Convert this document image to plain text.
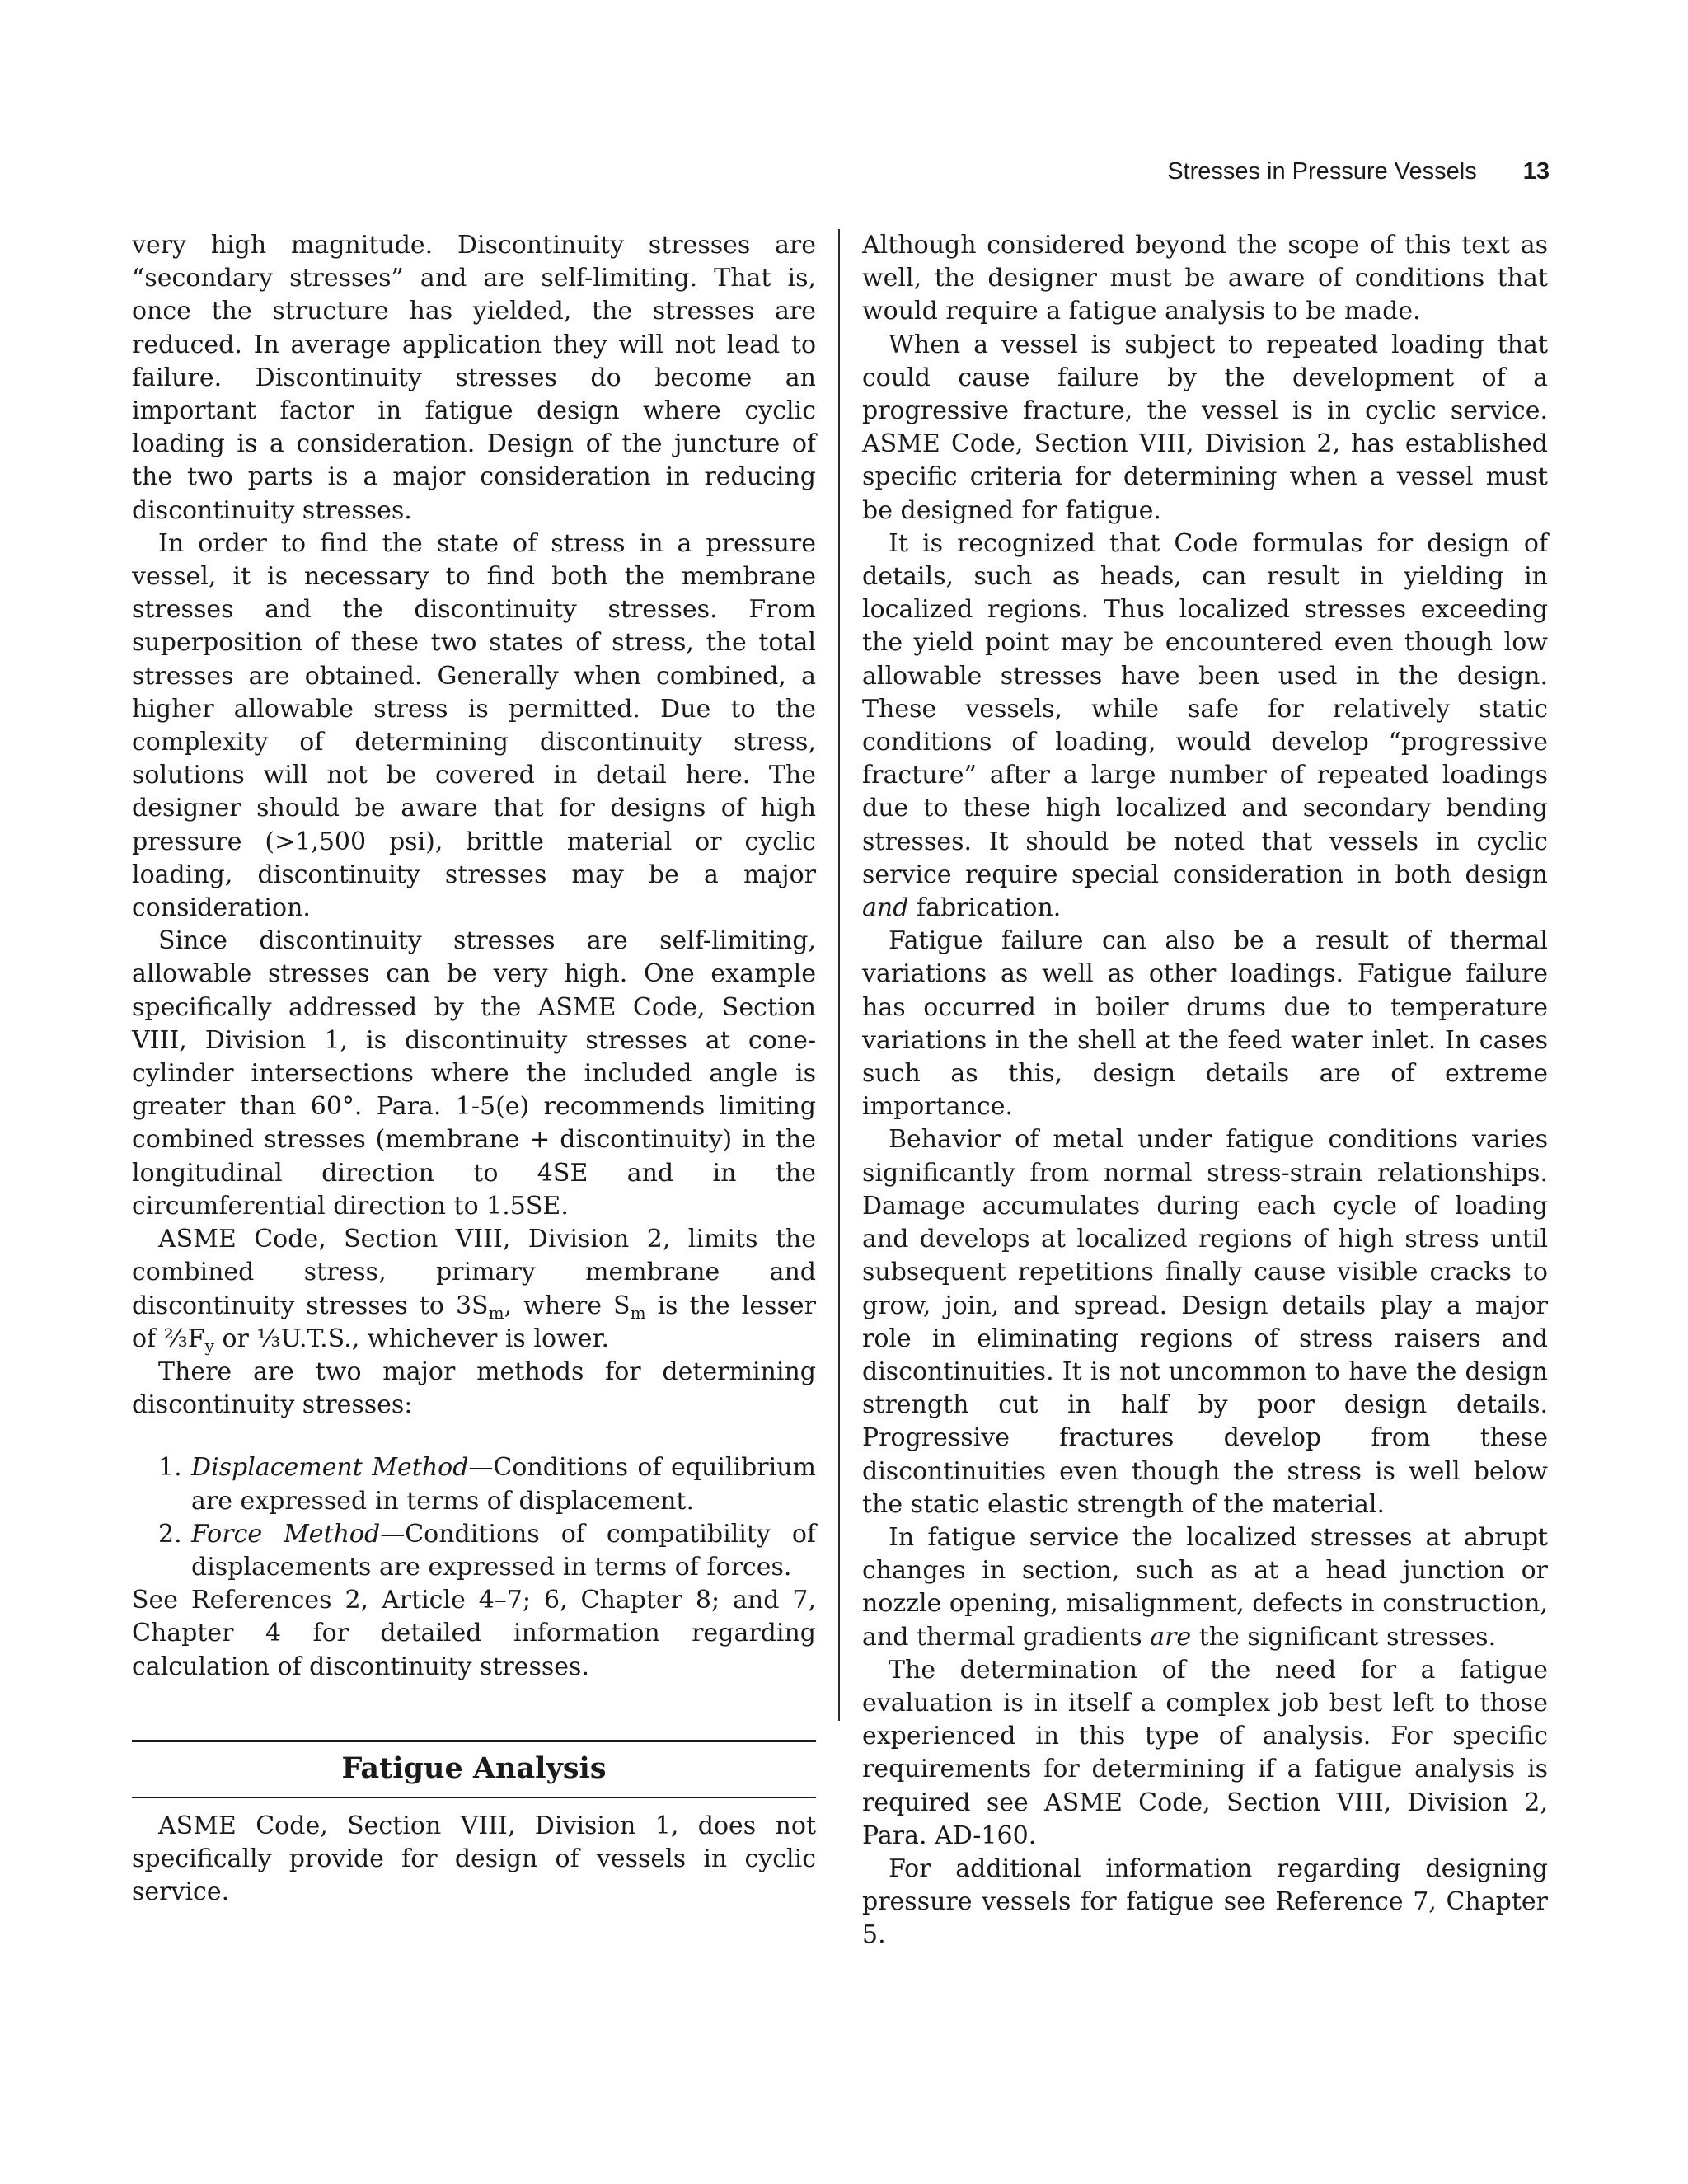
Stresses in Pressure Vessels 13

very high magnitude. Discontinuity stresses are “secondary stresses” and are self-limiting. That is, once the structure has yielded, the stresses are reduced. In average application they will not lead to failure. Discontinuity stresses do become an important factor in fatigue design where cyclic loading is a consideration. Design of the juncture of the two parts is a major consideration in reducing discontinuity stresses.

In order to find the state of stress in a pressure vessel, it is necessary to find both the membrane stresses and the discontinuity stresses. From superposition of these two states of stress, the total stresses are obtained. Generally when combined, a higher allowable stress is permitted. Due to the complexity of determining discontinuity stress, solutions will not be covered in detail here. The designer should be aware that for designs of high pressure (>1,500 psi), brittle material or cyclic loading, discontinuity stresses may be a major consideration.

Since discontinuity stresses are self-limiting, allowable stresses can be very high. One example specifically addressed by the ASME Code, Section VIII, Division 1, is discontinuity stresses at cone-cylinder intersections where the included angle is greater than 60°. Para. 1-5(e) recommends limiting combined stresses (membrane + discontinuity) in the longitudinal direction to 4SE and in the circumferential direction to 1.5SE.

ASME Code, Section VIII, Division 2, limits the combined stress, primary membrane and discontinuity stresses to $3S_m$, where $S_m$ is the lesser of $\frac{2}{3}F_y$ or ⅓U.T.S., whichever is lower.

There are two major methods for determining discontinuity stresses:

1. Displacement Method—Conditions of equilibrium are expressed in terms of displacement.
2. Force Method—Conditions of compatibility of displacements are expressed in terms of forces.

See References 2, Article 4–7; 6, Chapter 8; and 7, Chapter 4 for detailed information regarding calculation of discontinuity stresses.

Fatigue Analysis

ASME Code, Section VIII, Division 1, does not specifically provide for design of vessels in cyclic service.

Although considered beyond the scope of this text as well, the designer must be aware of conditions that would require a fatigue analysis to be made.

When a vessel is subject to repeated loading that could cause failure by the development of a progressive fracture, the vessel is in cyclic service. ASME Code, Section VIII, Division 2, has established specific criteria for determining when a vessel must be designed for fatigue.

It is recognized that Code formulas for design of details, such as heads, can result in yielding in localized regions. Thus localized stresses exceeding the yield point may be encountered even though low allowable stresses have been used in the design. These vessels, while safe for relatively static conditions of loading, would develop “progressive fracture” after a large number of repeated loadings due to these high localized and secondary bending stresses. It should be noted that vessels in cyclic service require special consideration in both design and fabrication.

Fatigue failure can also be a result of thermal variations as well as other loadings. Fatigue failure has occurred in boiler drums due to temperature variations in the shell at the feed water inlet. In cases such as this, design details are of extreme importance.

Behavior of metal under fatigue conditions varies significantly from normal stress-strain relationships. Damage accumulates during each cycle of loading and develops at localized regions of high stress until subsequent repetitions finally cause visible cracks to grow, join, and spread. Design details play a major role in eliminating regions of stress raisers and discontinuities. It is not uncommon to have the design strength cut in half by poor design details. Progressive fractures develop from these discontinuities even though the stress is well below the static elastic strength of the material.

In fatigue service the localized stresses at abrupt changes in section, such as at a head junction or nozzle opening, misalignment, defects in construction, and thermal gradients are the significant stresses.

The determination of the need for a fatigue evaluation is in itself a complex job best left to those experienced in this type of analysis. For specific requirements for determining if a fatigue analysis is required see ASME Code, Section VIII, Division 2, Para. AD-160.

For additional information regarding designing pressure vessels for fatigue see Reference 7, Chapter 5.
